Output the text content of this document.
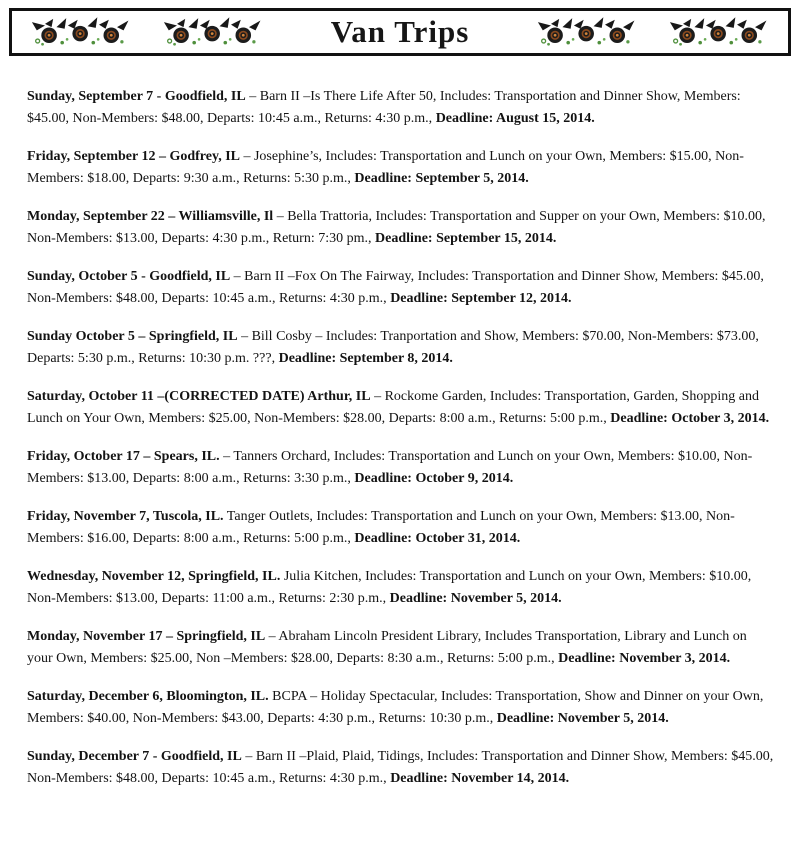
Van Trips

Sunday, September 7 - Goodfield, IL – Barn II –Is There Life After 50, Includes: Transportation and Dinner Show, Members: $45.00, Non-Members: $48.00, Departs: 10:45 a.m., Returns: 4:30 p.m., Deadline: August 15, 2014.

Friday, September 12 – Godfrey, IL – Josephine’s, Includes: Transportation and Lunch on your Own, Members: $15.00, Non-Members: $18.00, Departs: 9:30 a.m., Returns: 5:30 p.m., Deadline: September 5, 2014.

Monday, September 22 – Williamsville, Il – Bella Trattoria, Includes: Transportation and Supper on your Own, Members: $10.00, Non-Members: $13.00, Departs: 4:30 p.m., Return: 7:30 pm., Deadline: September 15, 2014.

Sunday, October 5 - Goodfield, IL – Barn II –Fox On The Fairway, Includes: Transportation and Dinner Show, Members: $45.00, Non-Members: $48.00, Departs: 10:45 a.m., Returns: 4:30 p.m., Deadline: September 12, 2014.

Sunday October 5 – Springfield, IL – Bill Cosby – Includes: Tranportation and Show, Members: $70.00, Non-Members: $73.00, Departs: 5:30 p.m., Returns: 10:30 p.m. ???, Deadline: September 8, 2014.

Saturday, October 11 –(CORRECTED DATE) Arthur, IL – Rockome Garden, Includes: Transportation, Garden, Shopping and Lunch on Your Own, Members: $25.00, Non-Members: $28.00, Departs: 8:00 a.m., Returns: 5:00 p.m., Deadline: October 3, 2014.

Friday, October 17 – Spears, IL. – Tanners Orchard, Includes: Transportation and Lunch on your Own, Members: $10.00, Non-Members: $13.00, Departs: 8:00 a.m., Returns: 3:30 p.m., Deadline: October 9, 2014.

Friday, November 7, Tuscola, IL. Tanger Outlets, Includes: Transportation and Lunch on your Own, Members: $13.00, Non-Members: $16.00, Departs: 8:00 a.m., Returns: 5:00 p.m., Deadline: October 31, 2014.

Wednesday, November 12, Springfield, IL. Julia Kitchen, Includes: Transportation and Lunch on your Own, Members: $10.00, Non-Members: $13.00, Departs: 11:00 a.m., Returns: 2:30 p.m., Deadline: November 5, 2014.

Monday, November 17 – Springfield, IL – Abraham Lincoln President Library, Includes Transportation, Library and Lunch on your Own, Members: $25.00, Non –Members: $28.00, Departs: 8:30 a.m., Returns: 5:00 p.m., Deadline: November 3, 2014.

Saturday, December 6, Bloomington, IL. BCPA – Holiday Spectacular, Includes: Transportation, Show and Dinner on your Own, Members: $40.00, Non-Members: $43.00, Departs: 4:30 p.m., Returns: 10:30 p.m., Deadline: November 5, 2014.

Sunday, December 7 - Goodfield, IL – Barn II –Plaid, Plaid, Tidings, Includes: Transportation and Dinner Show, Members: $45.00, Non-Members: $48.00, Departs: 10:45 a.m., Returns: 4:30 p.m., Deadline: November 14, 2014.
